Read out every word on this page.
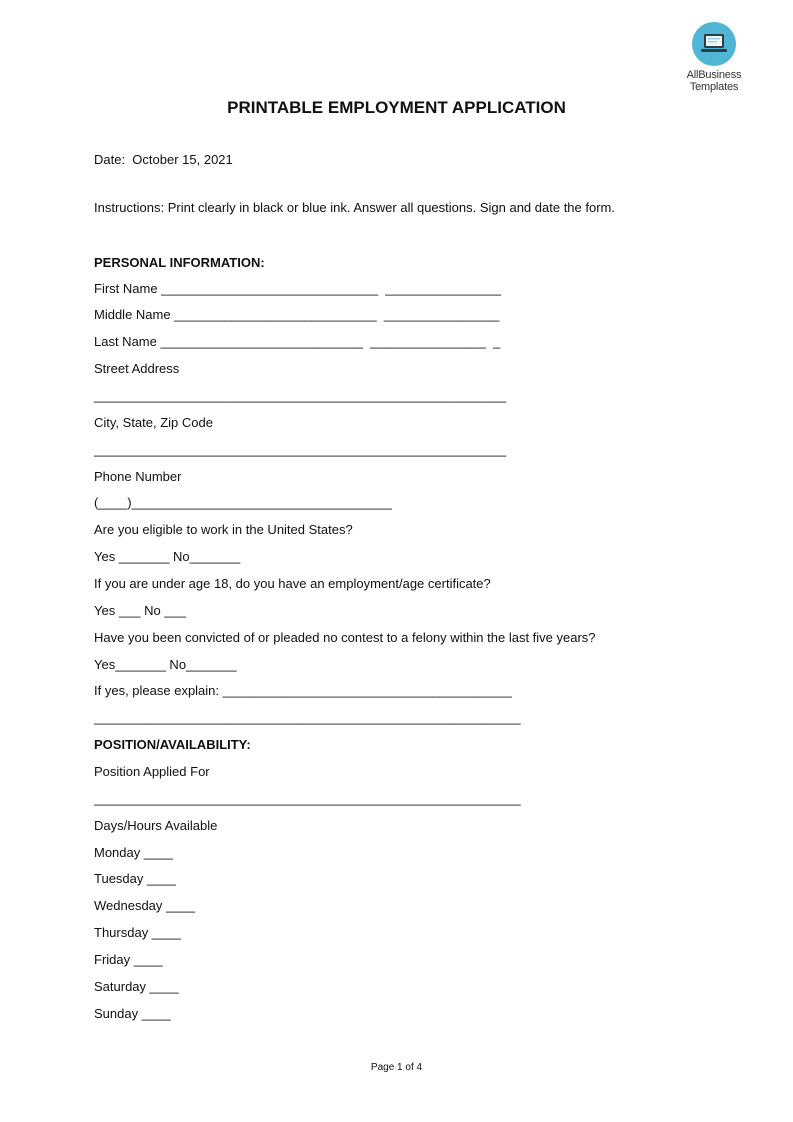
AllBusiness
Templates
PRINTABLE EMPLOYMENT APPLICATION
Date:  October 15, 2021
Instructions: Print clearly in black or blue ink. Answer all questions. Sign and date the form.
PERSONAL INFORMATION:
First Name ______________________________  ________________
Middle Name ____________________________  ________________
Last Name ____________________________  ________________  _
Street Address
_________________________________________________________
City, State, Zip Code
_________________________________________________________
Phone Number
(____)____________________________________
Are you eligible to work in the United States?
Yes _______ No_______
If you are under age 18, do you have an employment/age certificate?
Yes ___ No ___
Have you been convicted of or pleaded no contest to a felony within the last five years?
Yes_______ No_______
If yes, please explain: ________________________________________
___________________________________________________________
POSITION/AVAILABILITY:
Position Applied For
___________________________________________________________
Days/Hours Available
Monday ____
Tuesday ____
Wednesday ____
Thursday ____
Friday ____
Saturday ____
Sunday ____
Page 1 of 4
